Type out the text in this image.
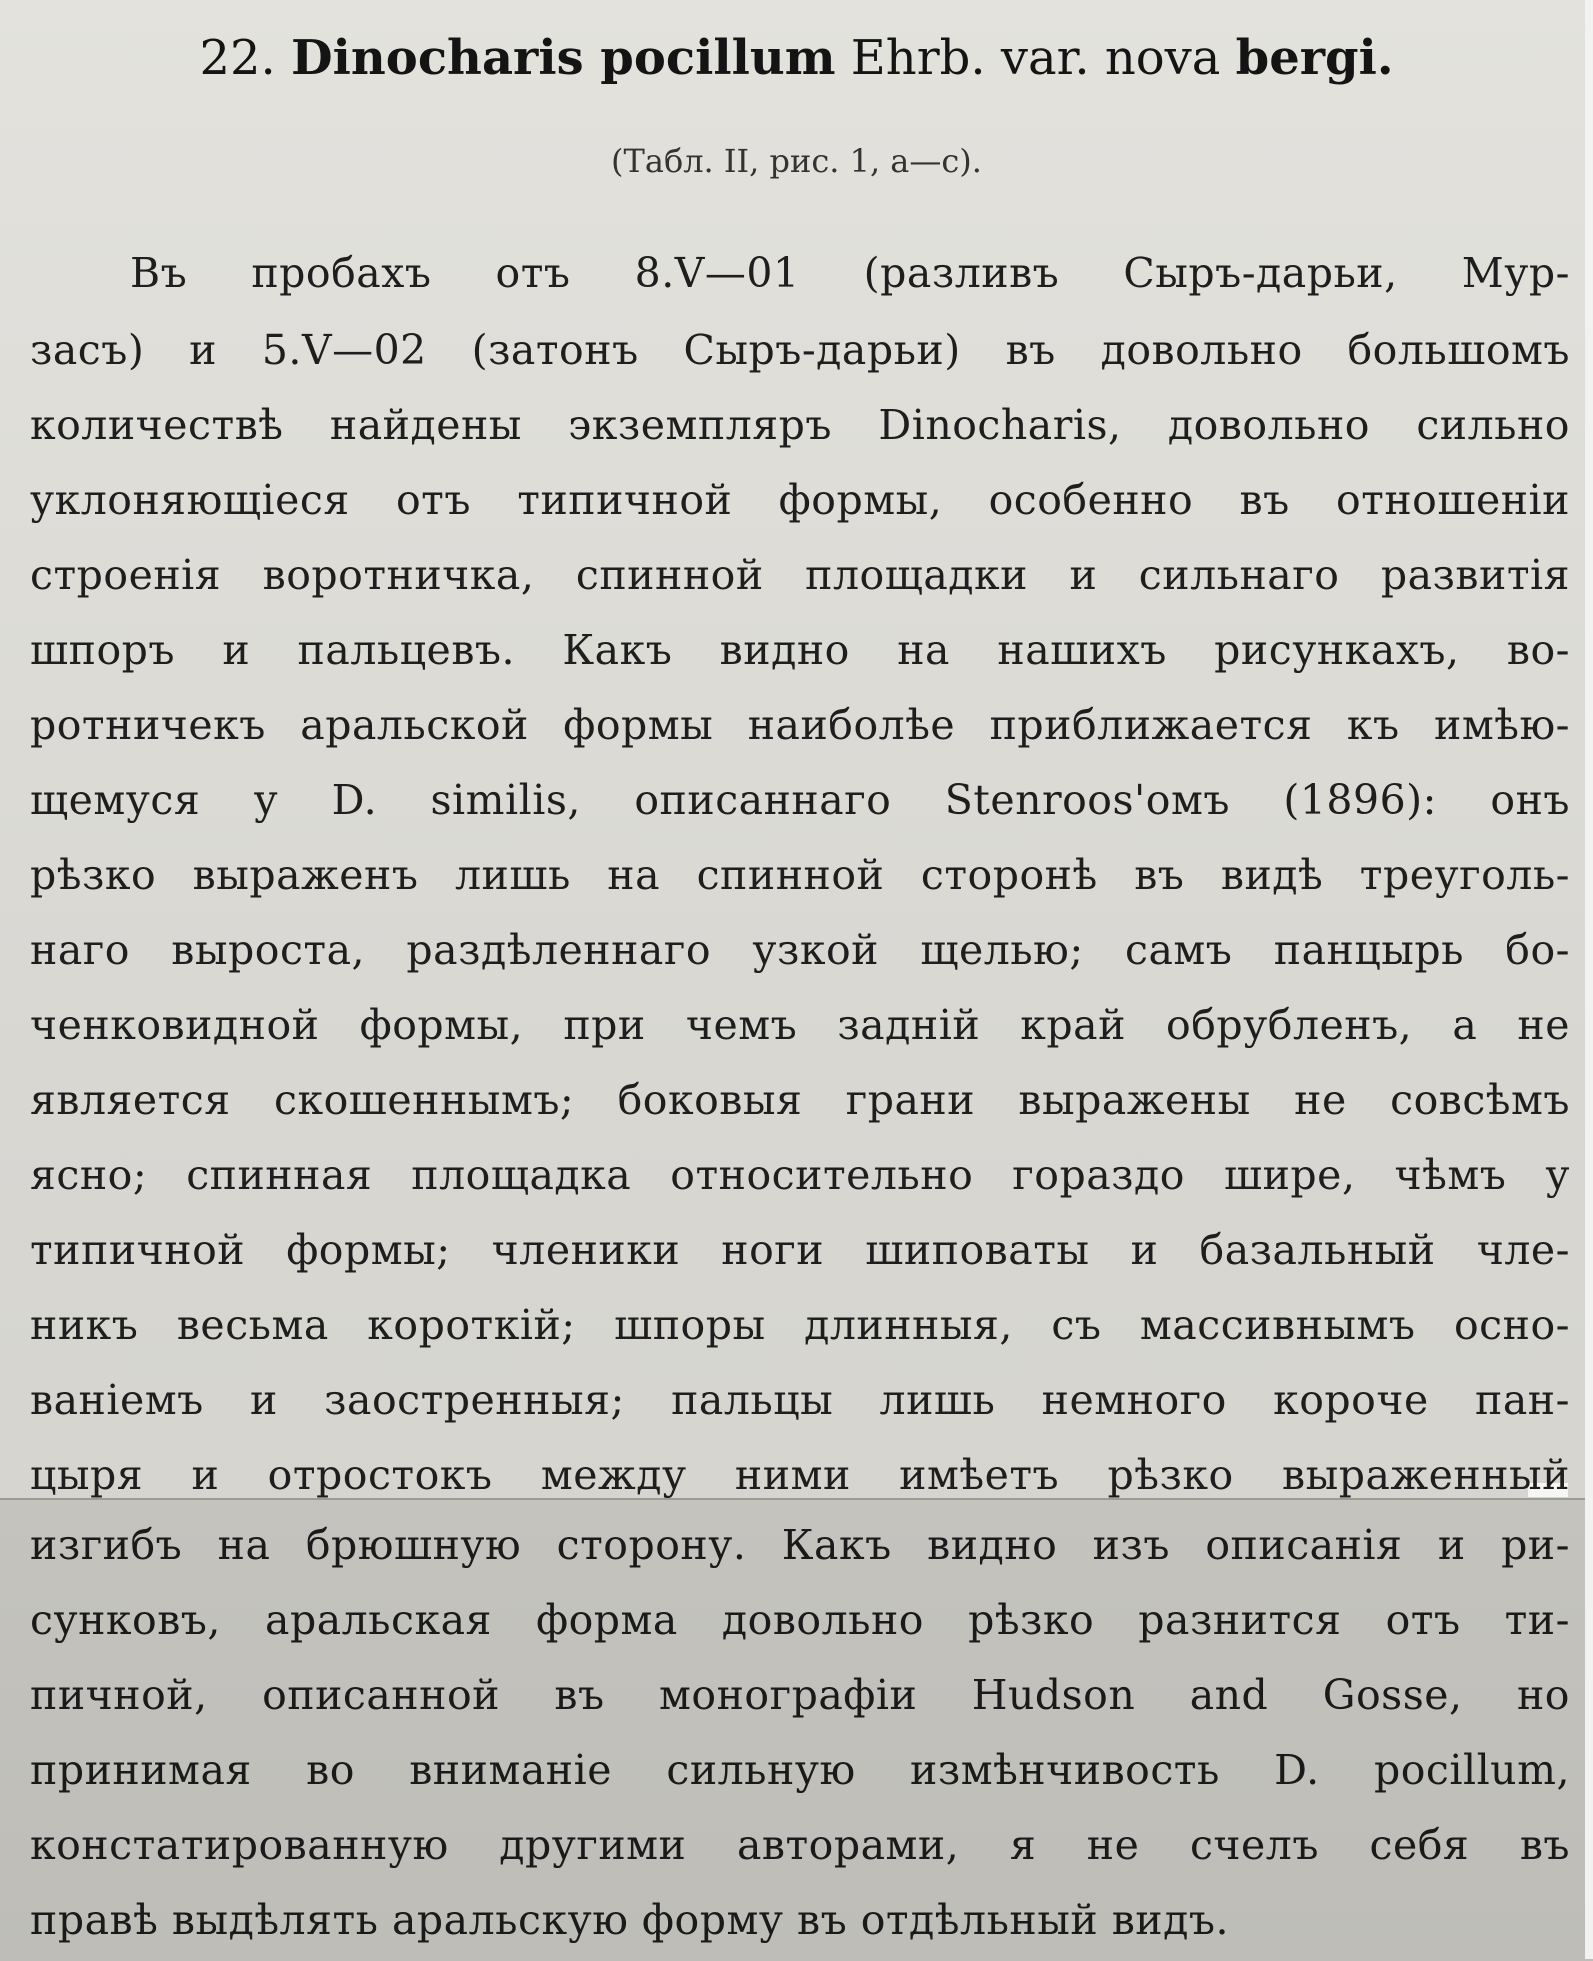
22. Dinocharis pocillum Ehrb. var. nova bergi.
(Табл. II, рис. 1, a—c).
Въ пробахъ отъ 8.V—01 (разливъ Сыръ-дарьи, Мур-
засъ) и 5.V—02 (затонъ Сыръ-дарьи) въ довольно большомъ
количествѣ найдены экземпляръ Dinocharis, довольно сильно
уклоняющіеся отъ типичной формы, особенно въ отношеніи
строенія воротничка, спинной площадки и сильнаго развитія
шпоръ и пальцевъ. Какъ видно на нашихъ рисункахъ, во-
ротничекъ аральской формы наиболѣе приближается къ имѣю-
щемуся у D. similis, описаннаго Stenroos'омъ (1896): онъ
рѣзко выраженъ лишь на спинной сторонѣ въ видѣ треуголь-
наго выроста, раздѣленнаго узкой щелью; самъ панцырь бо-
ченковидной формы, при чемъ задній край обрубленъ, а не
является скошеннымъ; боковыя грани выражены не совсѣмъ
ясно; спинная площадка относительно гораздо шире, чѣмъ у
типичной формы; членики ноги шиповаты и базальный чле-
никъ весьма короткій; шпоры длинныя, съ массивнымъ осно-
ваніемъ и заостренныя; пальцы лишь немного короче пан-
цыря и отростокъ между ними имѣетъ рѣзко выраженный
изгибъ на брюшную сторону. Какъ видно изъ описанія и ри-
сунковъ, аральская форма довольно рѣзко разнится отъ ти-
пичной, описанной въ монографіи Hudson and Gosse, но
принимая во вниманіе сильную измѣнчивость D. pocillum,
констатированную другими авторами, я не счелъ себя въ
правѣ выдѣлять аральскую форму въ отдѣльный видъ.
